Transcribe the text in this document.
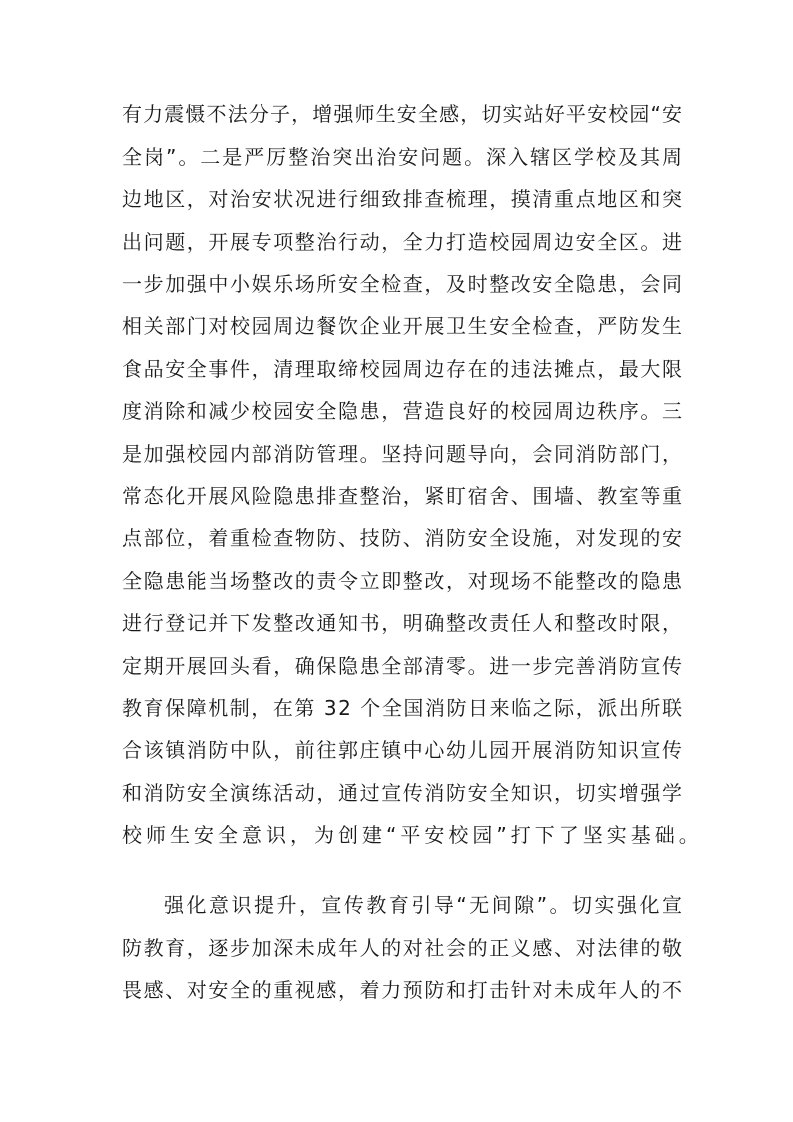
有力震慑不法分子，增强师生安全感，切实站好平安校园“安
全岗”。二是严厉整治突出治安问题。深入辖区学校及其周
边地区，对治安状况进行细致排查梳理，摸清重点地区和突
出问题，开展专项整治行动，全力打造校园周边安全区。进
一步加强中小娱乐场所安全检查，及时整改安全隐患，会同
相关部门对校园周边餐饮企业开展卫生安全检查，严防发生
食品安全事件，清理取缔校园周边存在的违法摊点，最大限
度消除和减少校园安全隐患，营造良好的校园周边秩序。三
是加强校园内部消防管理。坚持问题导向，会同消防部门，
常态化开展风险隐患排查整治，紧盯宿舍、围墙、教室等重
点部位，着重检查物防、技防、消防安全设施，对发现的安
全隐患能当场整改的责令立即整改，对现场不能整改的隐患
进行登记并下发整改通知书，明确整改责任人和整改时限，
定期开展回头看，确保隐患全部清零。进一步完善消防宣传
教育保障机制，在第 32 个全国消防日来临之际，派出所联
合该镇消防中队，前往郭庄镇中心幼儿园开展消防知识宣传
和消防安全演练活动，通过宣传消防安全知识，切实增强学
校师生安全意识，为创建“平安校园”打下了坚实基础。
强化意识提升，宣传教育引导“无间隙”。切实强化宣
防教育，逐步加深未成年人的对社会的正义感、对法律的敬
畏感、对安全的重视感，着力预防和打击针对未成年人的不
